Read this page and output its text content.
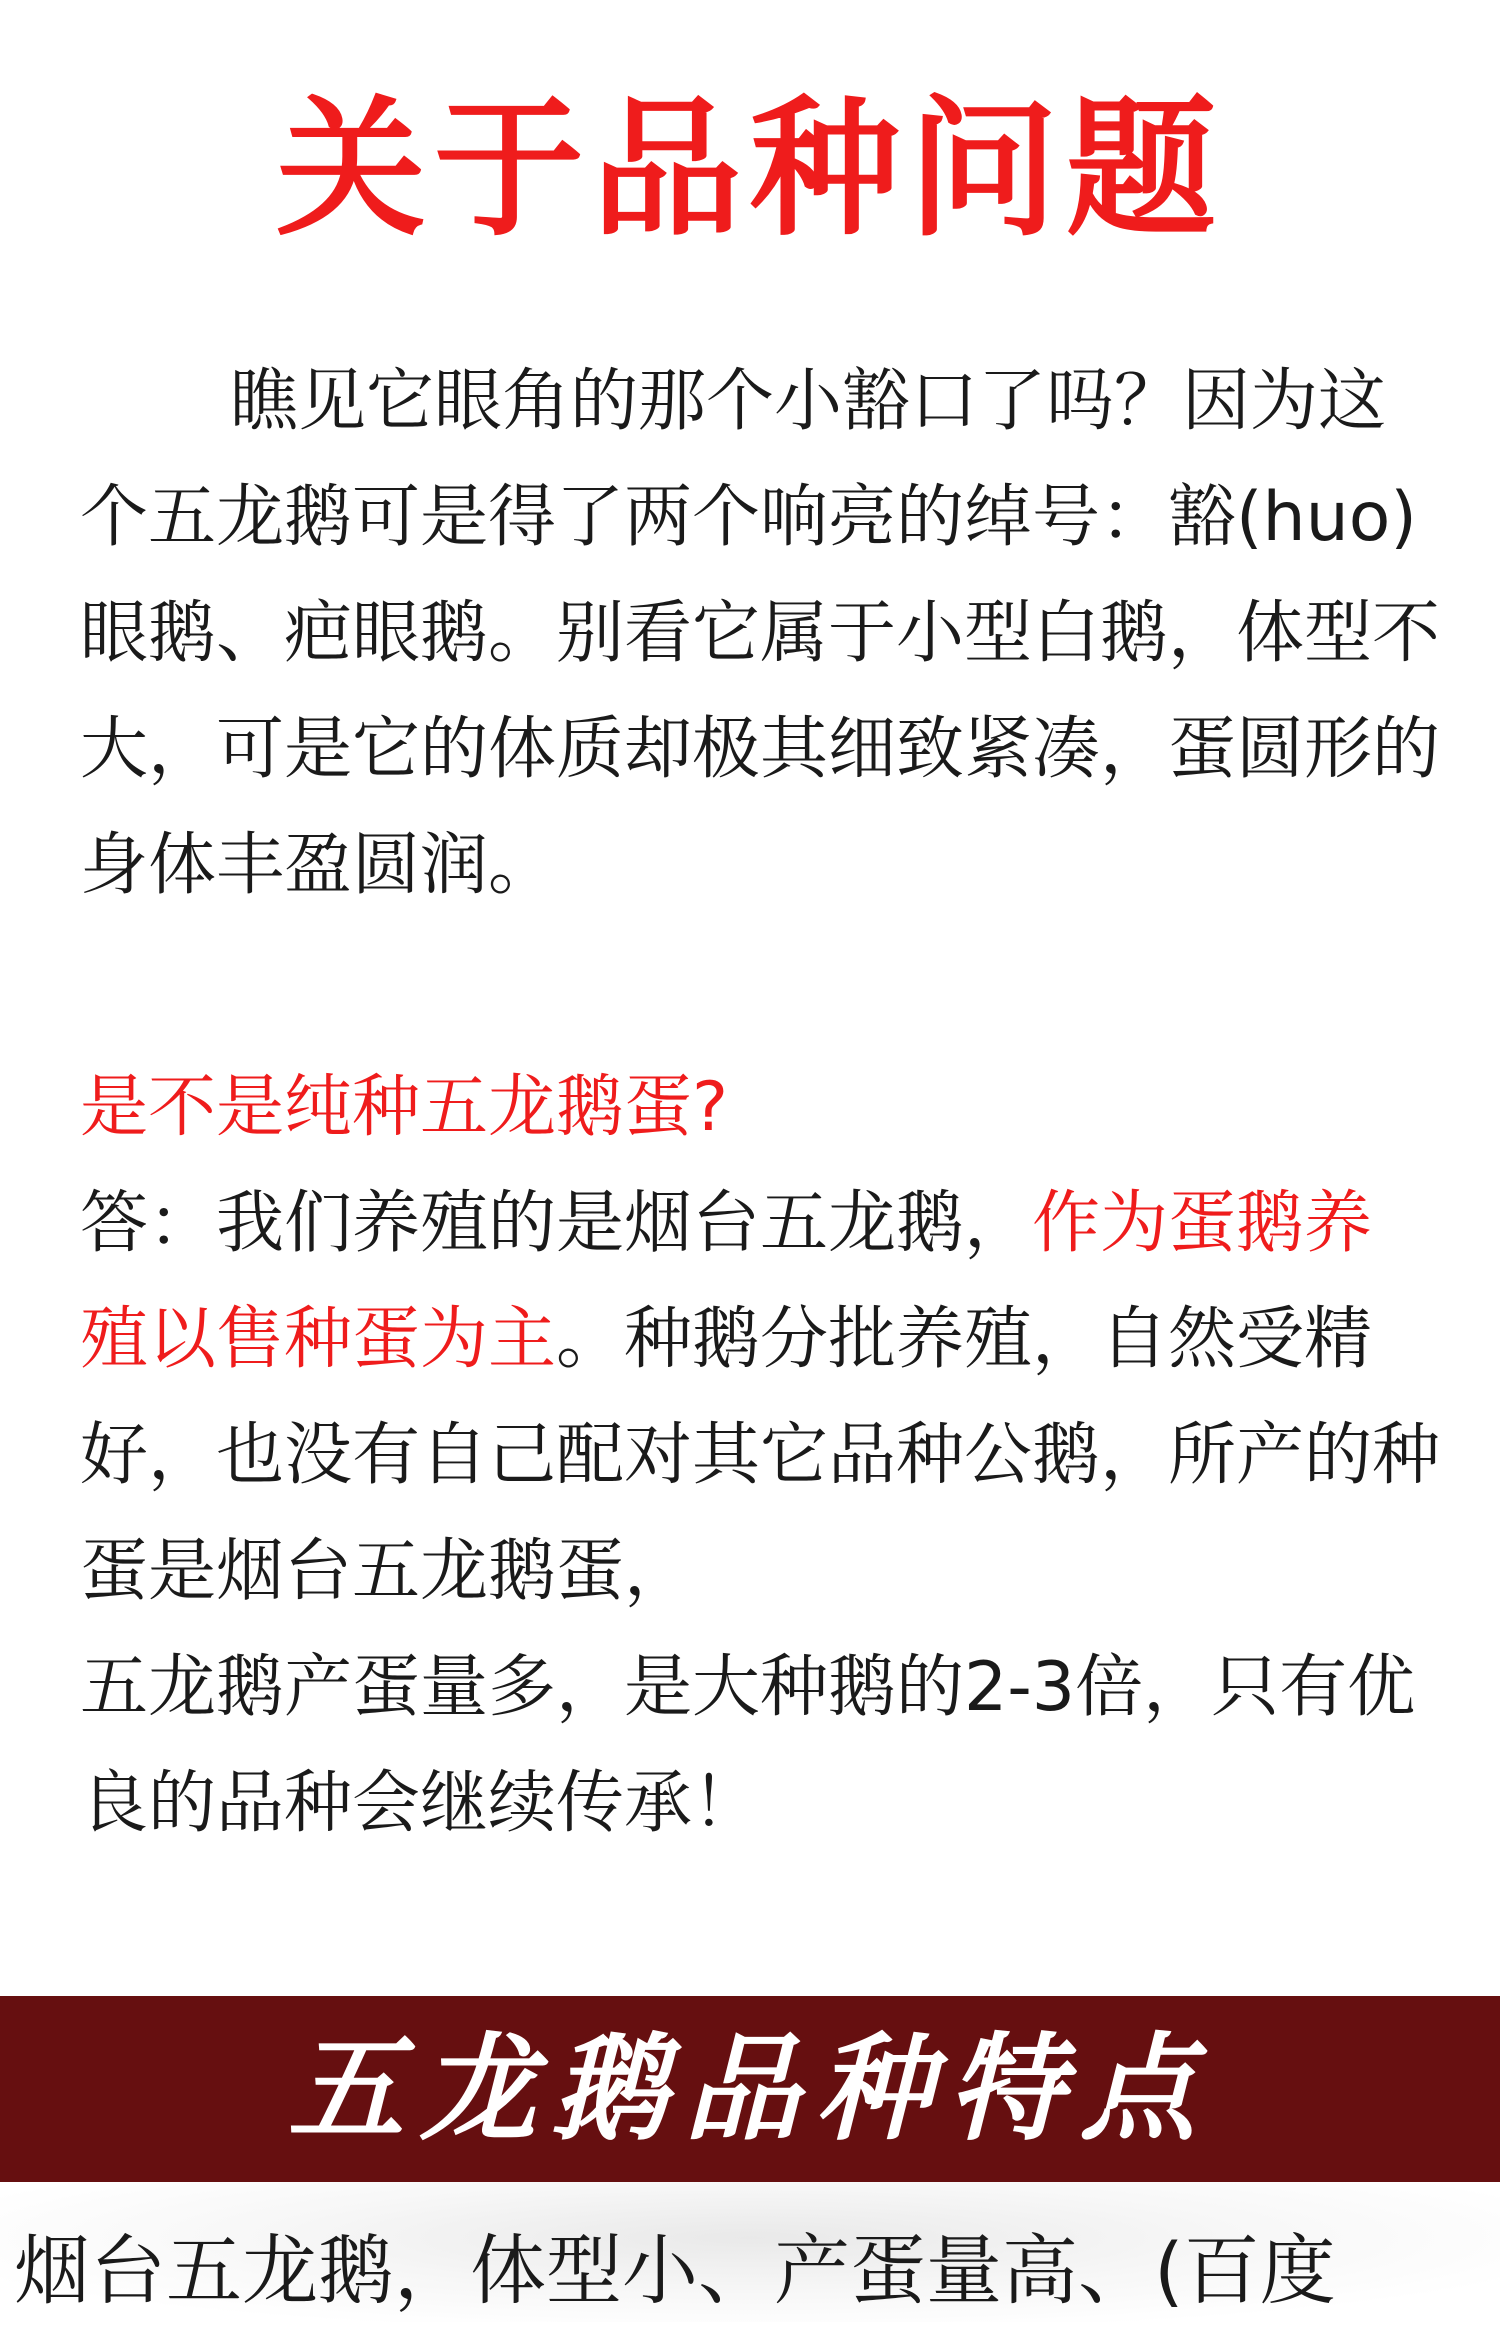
关于品种问题

瞧见它眼角的那个小豁口了吗？因为这个五龙鹅可是得了两个响亮的绰号：豁(huo)眼鹅、疤眼鹅。别看它属于小型白鹅，体型不大，可是它的体质却极其细致紧凑，蛋圆形的身体丰盈圆润。

是不是纯种五龙鹅蛋?
答：我们养殖的是烟台五龙鹅，作为蛋鹅养殖以售种蛋为主。种鹅分批养殖，自然受精好，也没有自己配对其它品种公鹅，所产的种蛋是烟台五龙鹅蛋，
五龙鹅产蛋量多，是大种鹅的2-3倍，只有优良的品种会继续传承！
五龙鹅品种特点
烟台五龙鹅，体型小、产蛋量高、(百度
